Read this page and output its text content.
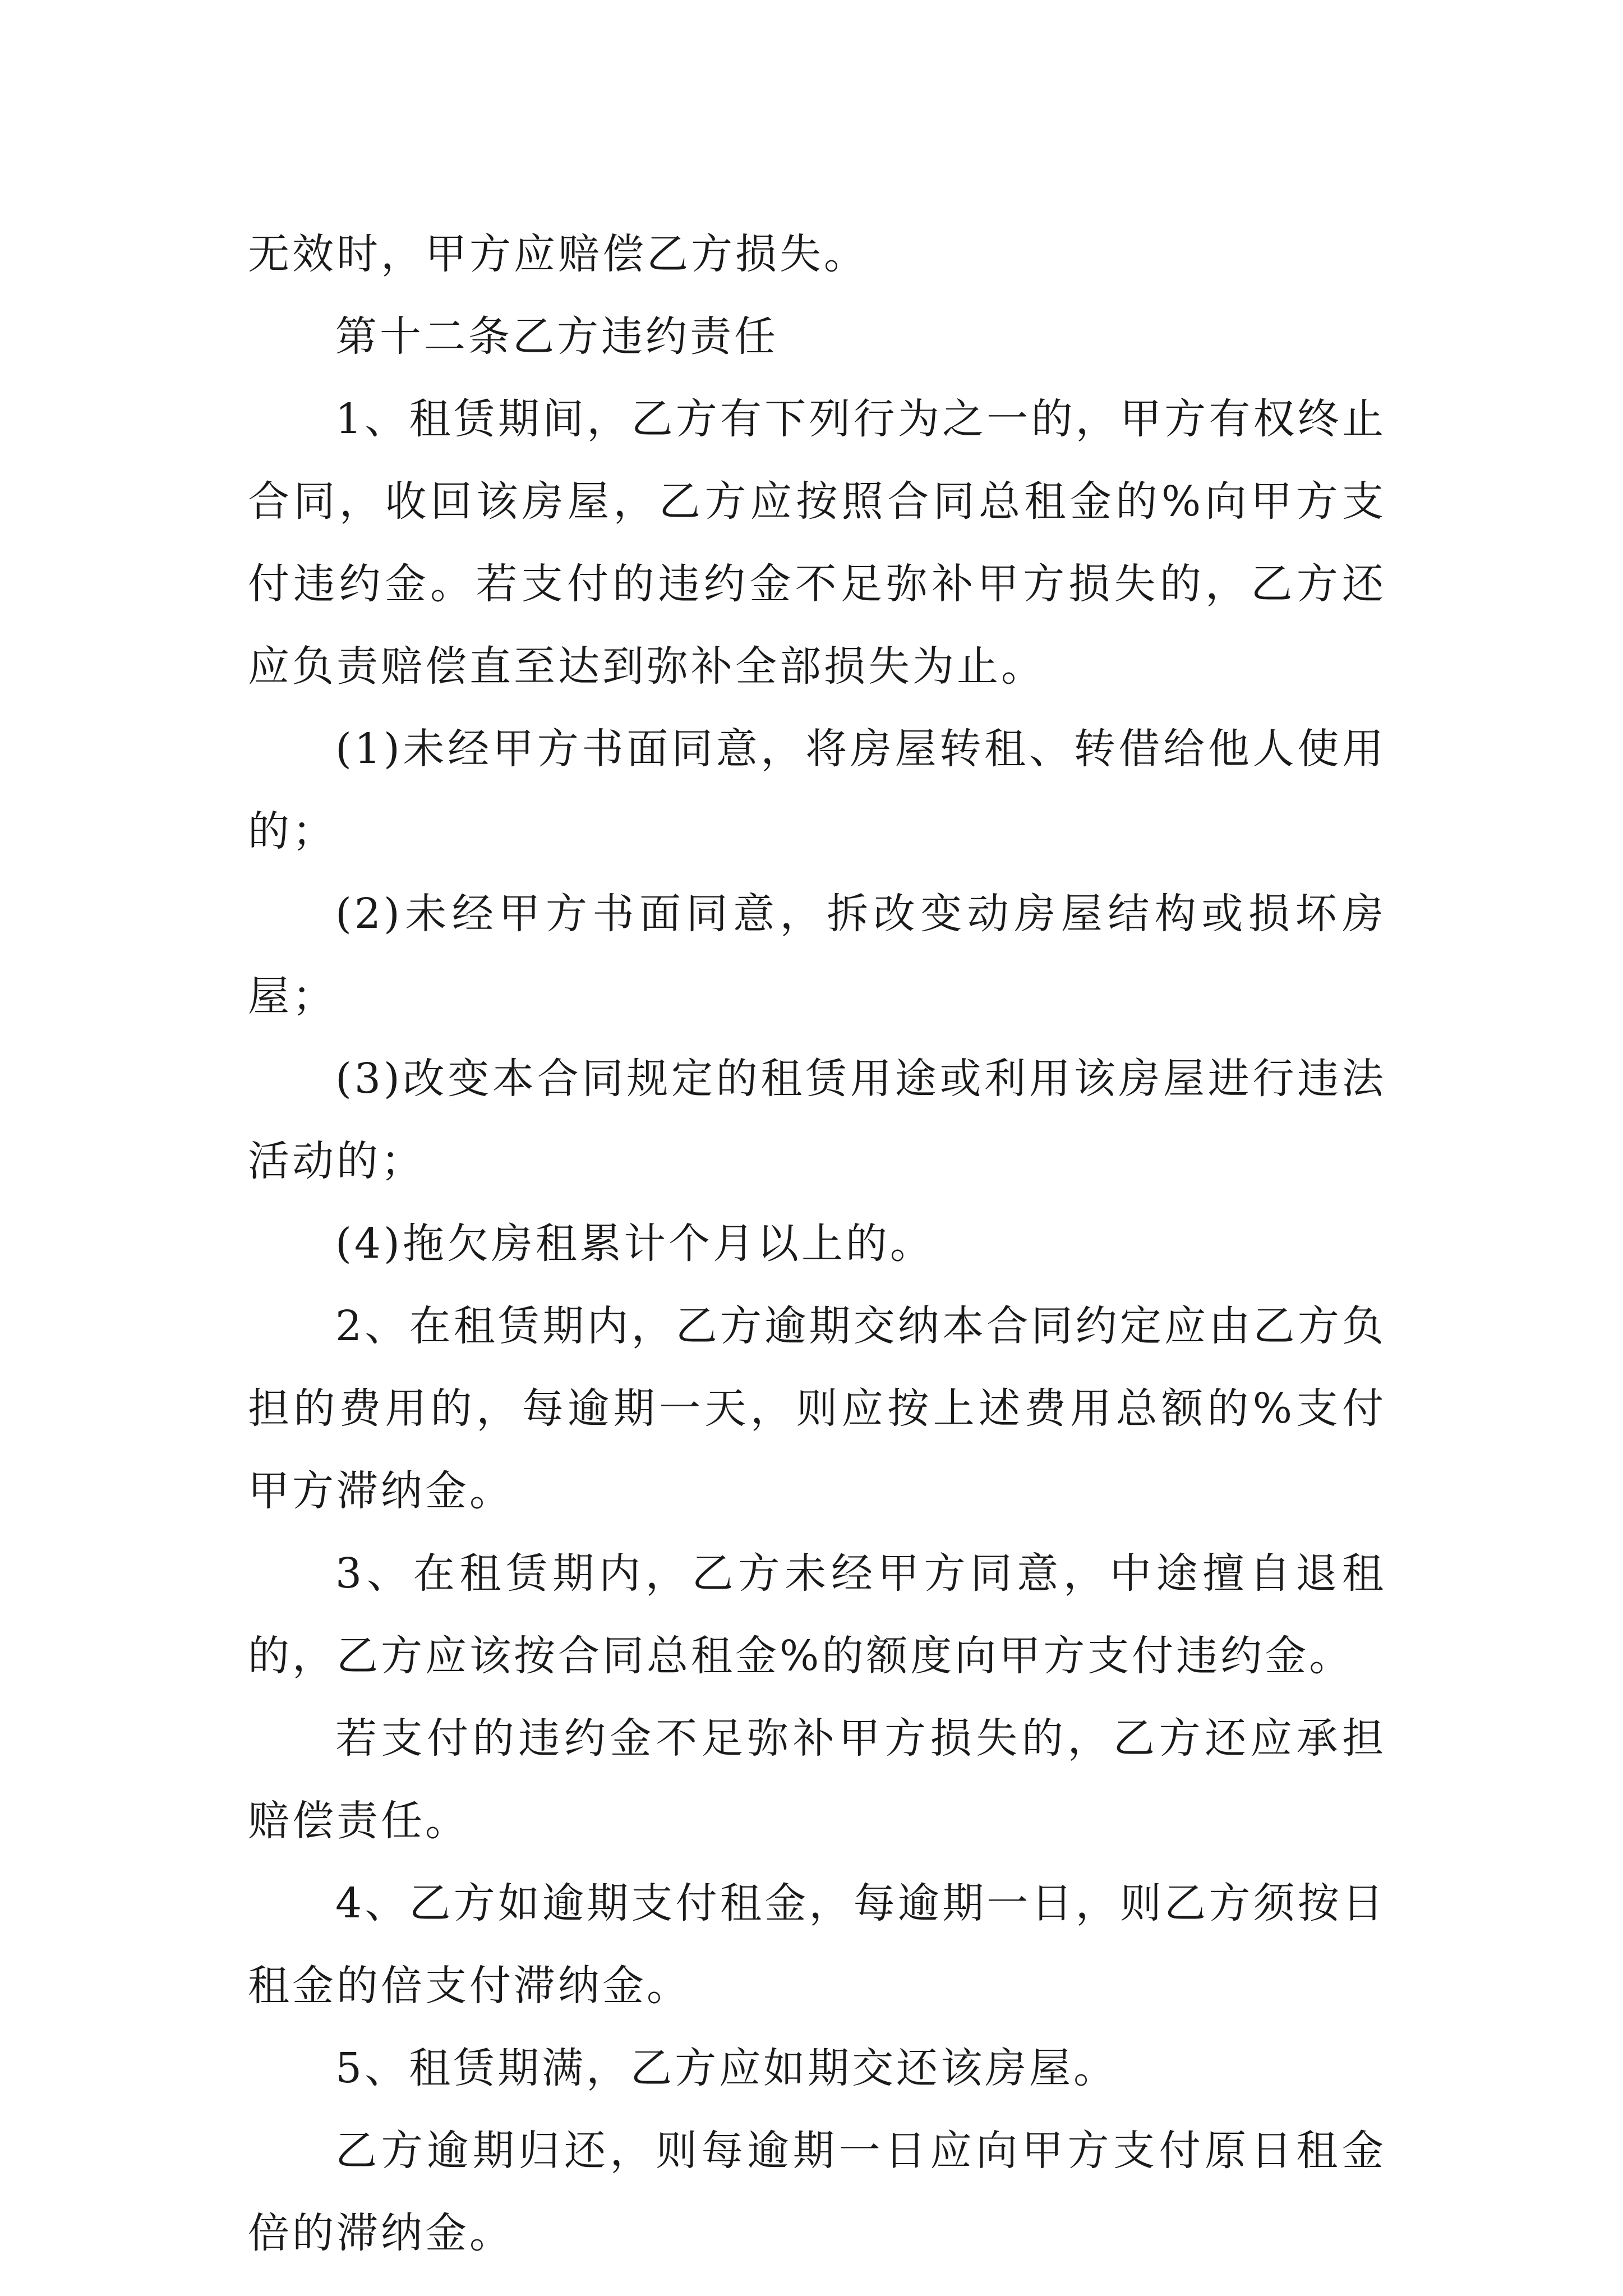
无效时，甲方应赔偿乙方损失。

第十二条乙方违约责任

1、租赁期间，乙方有下列行为之一的，甲方有权终止合同，收回该房屋，乙方应按照合同总租金的%向甲方支付违约金。若支付的违约金不足弥补甲方损失的，乙方还应负责赔偿直至达到弥补全部损失为止。

(1)未经甲方书面同意，将房屋转租、转借给他人使用的；

(2)未经甲方书面同意，拆改变动房屋结构或损坏房屋；

(3)改变本合同规定的租赁用途或利用该房屋进行违法活动的；

(4)拖欠房租累计个月以上的。

2、在租赁期内，乙方逾期交纳本合同约定应由乙方负担的费用的，每逾期一天，则应按上述费用总额的%支付甲方滞纳金。

3、在租赁期内，乙方未经甲方同意，中途擅自退租的，乙方应该按合同总租金%的额度向甲方支付违约金。

若支付的违约金不足弥补甲方损失的，乙方还应承担赔偿责任。

4、乙方如逾期支付租金，每逾期一日，则乙方须按日租金的倍支付滞纳金。

5、租赁期满，乙方应如期交还该房屋。

乙方逾期归还，则每逾期一日应向甲方支付原日租金倍的滞纳金。
